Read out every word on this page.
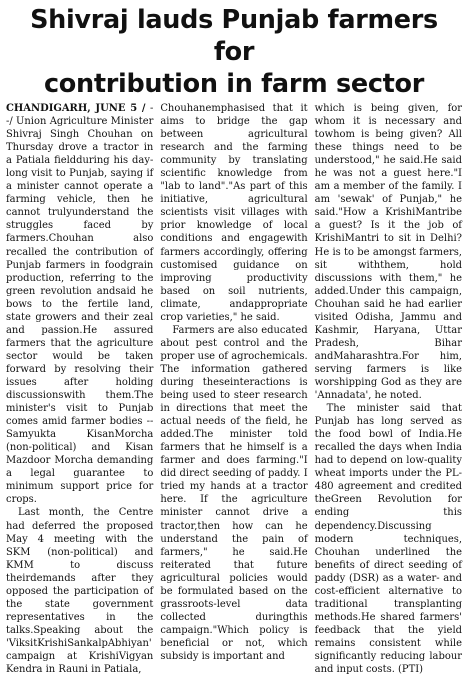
Shivraj lauds Punjab farmers for
contribution in farm sector

CHANDIGARH, JUNE 5 / --/ Union Agriculture Minister Shivraj Singh Chouhan on Thursday drove a tractor in a Patiala fieldduring his day-long visit to Punjab, saying if a minister cannot operate a farming vehicle, then he cannot trulyunderstand the struggles faced by farmers.Chouhan also recalled the contribution of Punjab farmers in foodgrain production, referring to the green revolution andsaid he bows to the fertile land, state growers and their zeal and passion.He assured farmers that the agriculture sector would be taken forward by resolving their issues after holding discussionswith them.The minister's visit to Punjab comes amid farmer bodies -- Samyukta KisanMorcha (non-political) and Kisan Mazdoor Morcha demanding a legal guarantee to minimum support price for crops.

Last month, the Centre had deferred the proposed May 4 meeting with the SKM (non-political) and KMM to discuss theirdemands after they opposed the participation of the state government representatives in the talks.Speaking about the 'ViksitKrishiSankalpAbhiyan' campaign at KrishiVigyan Kendra in Rauni in Patiala,

Chouhanemphasised that it aims to bridge the gap between agricultural research and the farming community by translating scientific knowledge from "lab to land"."As part of this initiative, agricultural scientists visit villages with prior knowledge of local conditions and engagewith farmers accordingly, offering customised guidance on improving productivity based on soil nutrients, climate, andappropriate crop varieties," he said.

Farmers are also educated about pest control and the proper use of agrochemicals. The information gathered during theseinteractions is being used to steer research in directions that meet the actual needs of the field, he added.The minister told farmers that he himself is a farmer and does farming."I did direct seeding of paddy. I tried my hands at a tractor here. If the agriculture minister cannot drive a tractor,then how can he understand the pain of farmers," he said.He reiterated that future agricultural policies would be formulated based on the grassroots-level data collected duringthis campaign."Which policy is beneficial or not, which subsidy is important and

which is being given, for whom it is necessary and towhom is being given? All these things need to be understood," he said.He said he was not a guest here."I am a member of the family. I am 'sewak' of Punjab," he said."How a KrishiMantribe a guest? Is it the job of KrishiMantri to sit in Delhi? He is to be amongst farmers, sit withthem, hold discussions with them," he added.Under this campaign, Chouhan said he had earlier visited Odisha, Jammu and Kashmir, Haryana, Uttar Pradesh, Bihar andMaharashtra.For him, serving farmers is like worshipping God as they are 'Annadata', he noted.

The minister said that Punjab has long served as the food bowl of India.He recalled the days when India had to depend on low-quality wheat imports under the PL-480 agreement and credited theGreen Revolution for ending this dependency.Discussing modern techniques, Chouhan underlined the benefits of direct seeding of paddy (DSR) as a water- and cost-efficient alternative to traditional transplanting methods.He shared farmers' feedback that the yield remains consistent while significantly reducing labour and input costs. (PTI)
